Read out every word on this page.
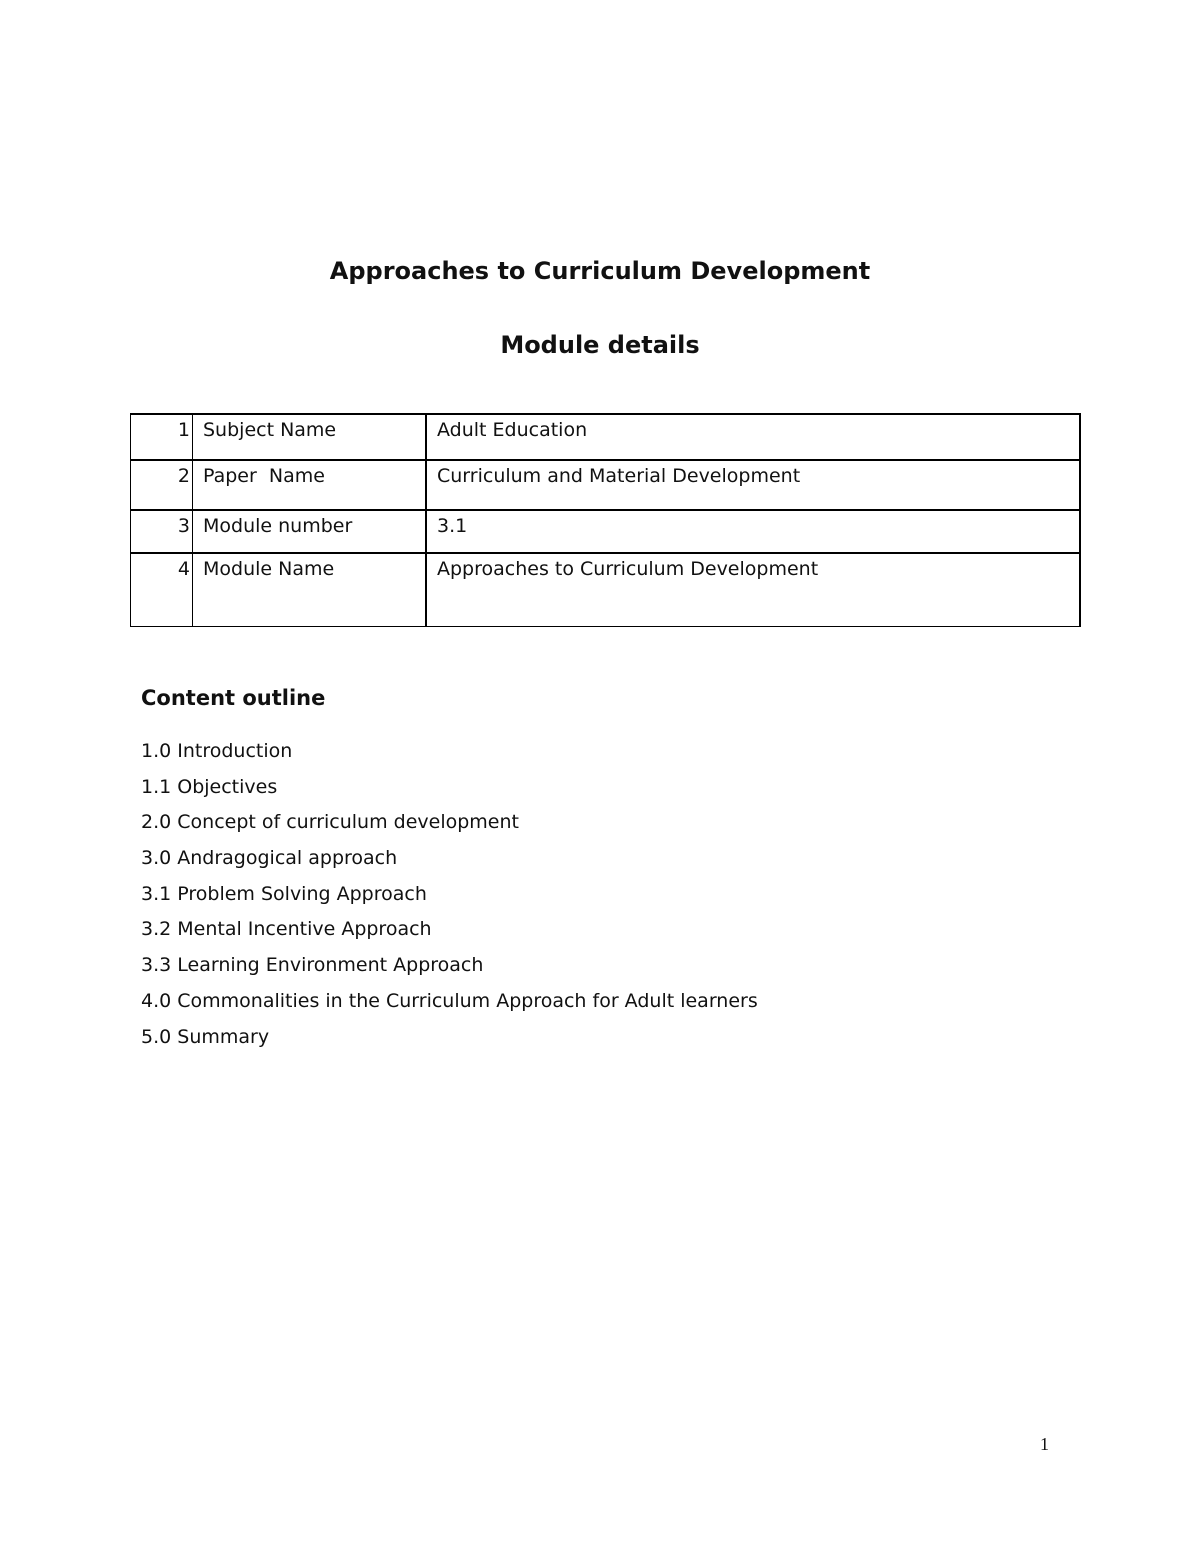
Approaches to Curriculum Development
Module details
1	Subject Name	Adult Education
2	Paper  Name	Curriculum and Material Development
3	Module number	3.1
4	Module Name	Approaches to Curriculum Development
Content outline
1.0 Introduction
1.1 Objectives
2.0 Concept of curriculum development
3.0 Andragogical approach
3.1 Problem Solving Approach
3.2 Mental Incentive Approach
3.3 Learning Environment Approach
4.0 Commonalities in the Curriculum Approach for Adult learners
5.0 Summary
1
